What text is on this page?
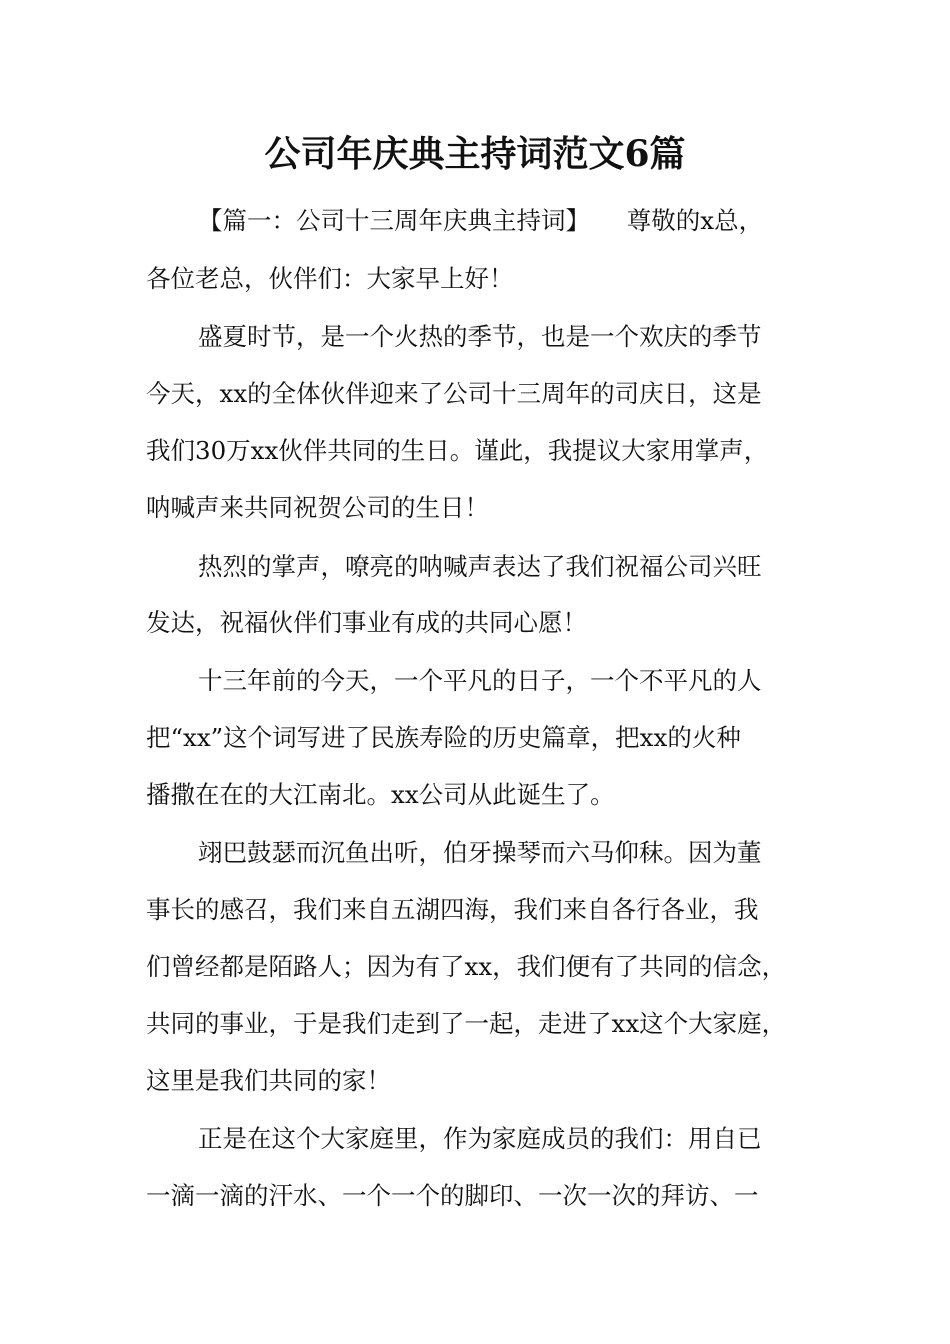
公司年庆典主持词范文6篇

【篇一：公司十三周年庆典主持词】　　尊敬的x总，

各位老总，伙伴们：大家早上好！

盛夏时节，是一个火热的季节，也是一个欢庆的季节

今天，xx的全体伙伴迎来了公司十三周年的司庆日，这是

我们30万xx伙伴共同的生日。谨此，我提议大家用掌声，

呐喊声来共同祝贺公司的生日！

热烈的掌声，嘹亮的呐喊声表达了我们祝福公司兴旺

发达，祝福伙伴们事业有成的共同心愿！

十三年前的今天，一个平凡的日子，一个不平凡的人

把“xx”这个词写进了民族寿险的历史篇章，把xx的火种

播撒在在的大江南北。xx公司从此诞生了。

翊巴鼓瑟而沉鱼出听，伯牙操琴而六马仰秣。因为董

事长的感召，我们来自五湖四海，我们来自各行各业，我

们曾经都是陌路人；因为有了xx，我们便有了共同的信念，

共同的事业，于是我们走到了一起，走进了xx这个大家庭，

这里是我们共同的家！

正是在这个大家庭里，作为家庭成员的我们：用自已

一滴一滴的汗水、一个一个的脚印、一次一次的拜访、一
